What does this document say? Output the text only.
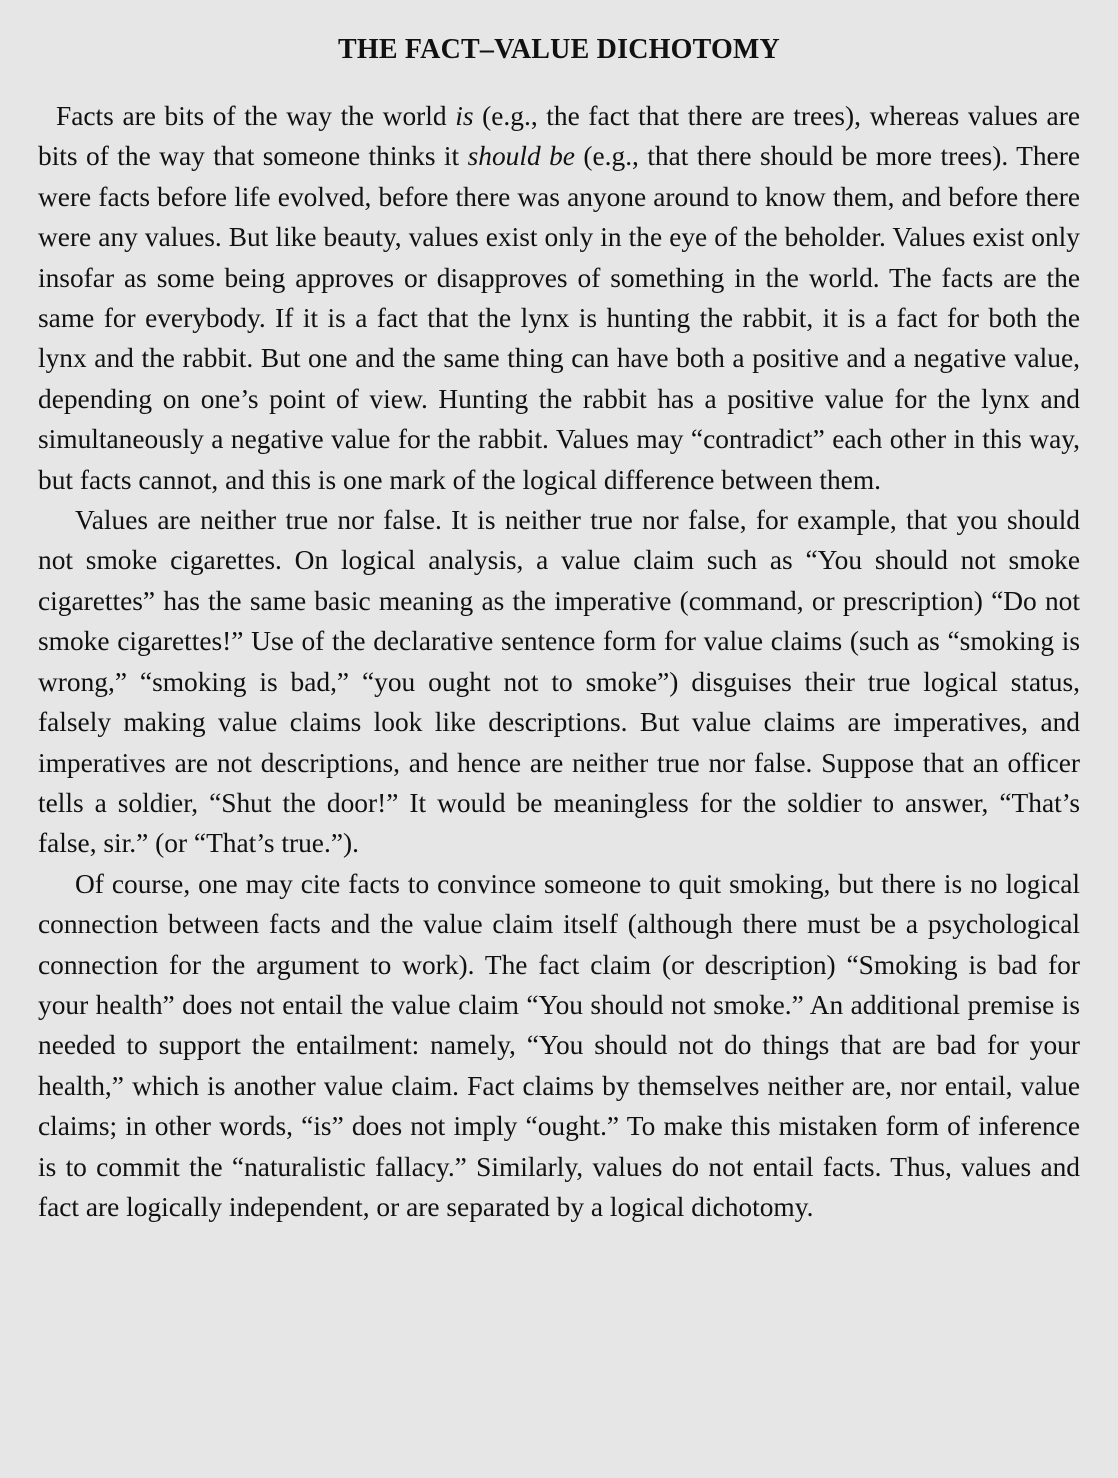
THE FACT–VALUE DICHOTOMY

Facts are bits of the way the world is (e.g., the fact that there are trees), whereas values are bits of the way that someone thinks it should be (e.g., that there should be more trees). There were facts before life evolved, before there was anyone around to know them, and before there were any values. But like beauty, values exist only in the eye of the beholder. Values exist only insofar as some being approves or disapproves of something in the world. The facts are the same for everybody. If it is a fact that the lynx is hunting the rabbit, it is a fact for both the lynx and the rabbit. But one and the same thing can have both a positive and a negative value, depending on one’s point of view. Hunting the rabbit has a positive value for the lynx and simultaneously a negative value for the rabbit. Values may “contradict” each other in this way, but facts cannot, and this is one mark of the logical difference between them.

Values are neither true nor false. It is neither true nor false, for example, that you should not smoke cigarettes. On logical analysis, a value claim such as “You should not smoke cigarettes” has the same basic meaning as the imperative (command, or prescription) “Do not smoke cigarettes!” Use of the declarative sentence form for value claims (such as “smoking is wrong,” “smoking is bad,” “you ought not to smoke”) disguises their true logical status, falsely making value claims look like descriptions. But value claims are imperatives, and imperatives are not descriptions, and hence are neither true nor false. Suppose that an officer tells a soldier, “Shut the door!” It would be meaningless for the soldier to answer, “That’s false, sir.” (or “That’s true.”).

Of course, one may cite facts to convince someone to quit smoking, but there is no logical connection between facts and the value claim itself (although there must be a psychological connection for the argument to work). The fact claim (or description) “Smoking is bad for your health” does not entail the value claim “You should not smoke.” An additional premise is needed to support the entailment: namely, “You should not do things that are bad for your health,” which is another value claim. Fact claims by themselves neither are, nor entail, value claims; in other words, “is” does not imply “ought.” To make this mistaken form of inference is to commit the “naturalistic fallacy.” Similarly, values do not entail facts. Thus, values and fact are logically independent, or are separated by a logical dichotomy.
